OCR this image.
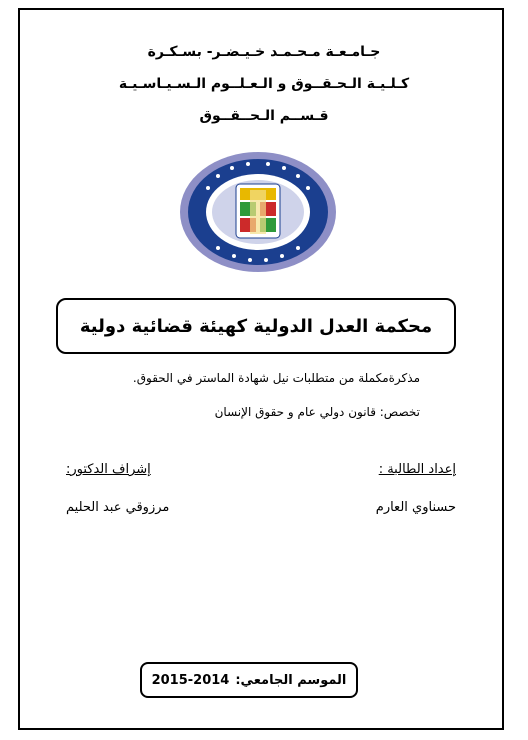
جـامـعـة مـحـمـد خـيـضـر- بسـكـرة
كـلـيـة الـحـقــوق و الـعـلــوم الـسـيـاسـيـة
قـســم الـحــقــوق
محكمة العدل الدولية كهيئة قضائية دولية
مذكرةمكملة من متطلبات نيل شهادة الماستر في الحقوق.
تخصص: قانون دولي عام و حقوق الإنسان
إعداد الطالبة :
إشراف الدكتور:
حسناوي العارم
مرزوقي عبد الحليم
الموسم الجامعي:
2015-2014
